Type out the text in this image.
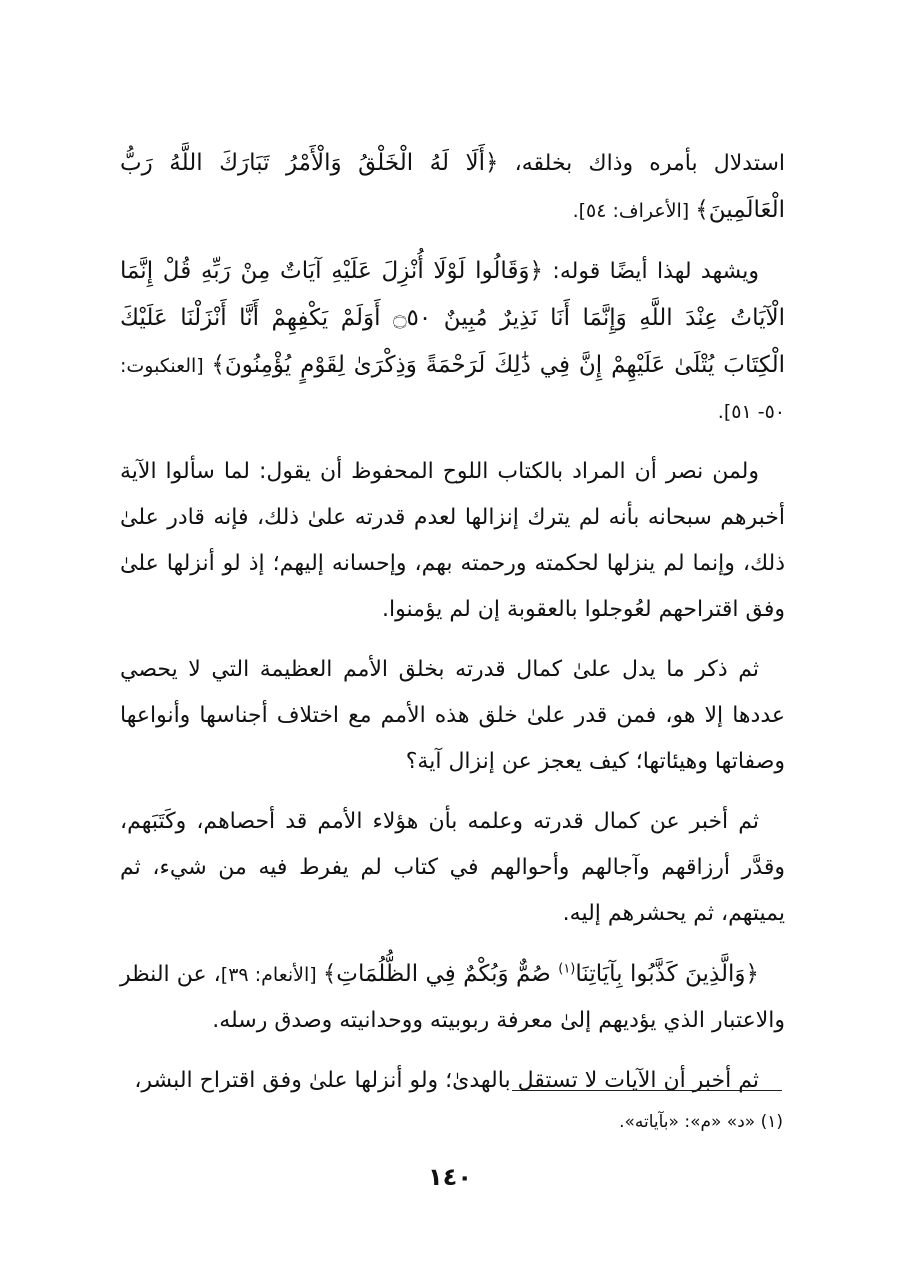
استدلال بأمره وذاك بخلقه، ﴿أَلَا لَهُ الْخَلْقُ وَالْأَمْرُ تَبَارَكَ اللَّهُ رَبُّ الْعَالَمِينَ﴾ [الأعراف: ٥٤].

ويشهد لهذا أيضًا قوله: ﴿وَقَالُوا لَوْلَا أُنْزِلَ عَلَيْهِ آيَاتٌ مِنْ رَبِّهِ قُلْ إِنَّمَا الْآيَاتُ عِنْدَ اللَّهِ وَإِنَّمَا أَنَا نَذِيرٌ مُبِينٌ ۝٥٠ أَوَلَمْ يَكْفِهِمْ أَنَّا أَنْزَلْنَا عَلَيْكَ الْكِتَابَ يُتْلَىٰ عَلَيْهِمْ إِنَّ فِي ذَٰلِكَ لَرَحْمَةً وَذِكْرَىٰ لِقَوْمٍ يُؤْمِنُونَ﴾ [العنكبوت: ٥٠- ٥١].

ولمن نصر أن المراد بالكتاب اللوح المحفوظ أن يقول: لما سألوا الآية أخبرهم سبحانه بأنه لم يترك إنزالها لعدم قدرته علىٰ ذلك، فإنه قادر علىٰ ذلك، وإنما لم ينزلها لحكمته ورحمته بهم، وإحسانه إليهم؛ إذ لو أنزلها علىٰ وفق اقتراحهم لعُوجلوا بالعقوبة إن لم يؤمنوا.

ثم ذكر ما يدل علىٰ كمال قدرته بخلق الأمم العظيمة التي لا يحصي عددها إلا هو، فمن قدر علىٰ خلق هذه الأمم مع اختلاف أجناسها وأنواعها وصفاتها وهيئاتها؛ كيف يعجز عن إنزال آية؟

ثم أخبر عن كمال قدرته وعلمه بأن هؤلاء الأمم قد أحصاهم، وكَتَبَهم، وقدَّر أرزاقهم وآجالهم وأحوالهم في كتاب لم يفرط فيه من شيء، ثم يميتهم، ثم يحشرهم إليه.

﴿وَالَّذِينَ كَذَّبُوا بِآيَاتِنَا$^{(١)}$ صُمٌّ وَبُكْمٌ فِي الظُّلُمَاتِ﴾ [الأنعام: ٣٩]، عن النظر والاعتبار الذي يؤديهم إلىٰ معرفة ربوبيته ووحدانيته وصدق رسله.

ثم أخبر أن الآيات لا تستقل بالهدىٰ؛ ولو أنزلها علىٰ وفق اقتراح البشر،

(١) «د» «م»: «بآياته».
١٤٠
